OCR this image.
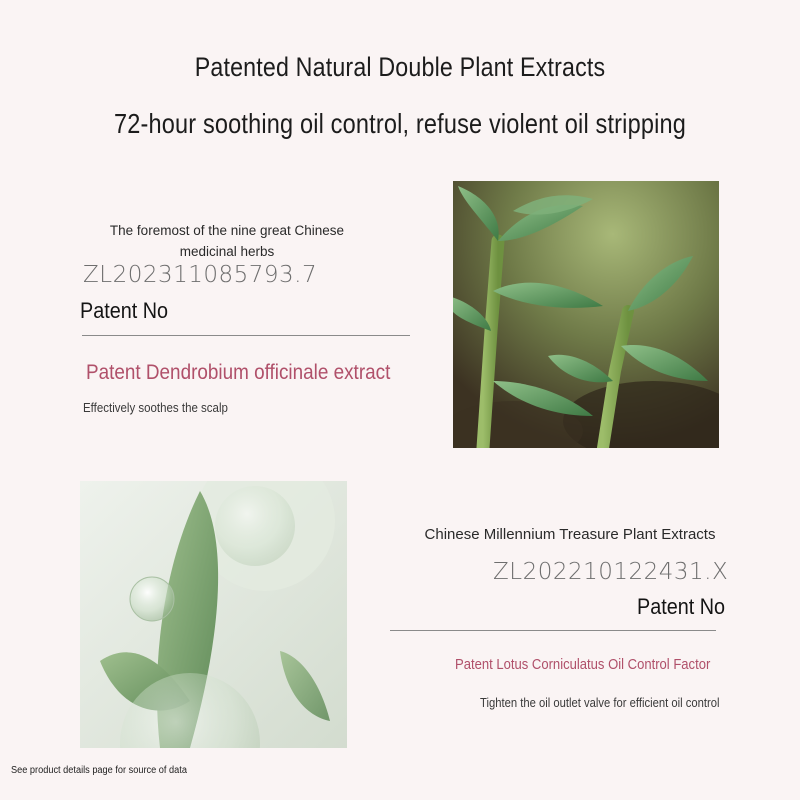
Patented Natural Double Plant Extracts
72-hour soothing oil control, refuse violent oil stripping
The foremost of the nine great Chinese medicinal herbs
ZL202311085793.7
Patent No
Patent Dendrobium officinale extract
Effectively soothes the scalp
Chinese Millennium Treasure Plant Extracts
ZL202210122431.X
Patent No
Patent Lotus Corniculatus Oil Control Factor
Tighten the oil outlet valve for efficient oil control
See product details page for source of data
